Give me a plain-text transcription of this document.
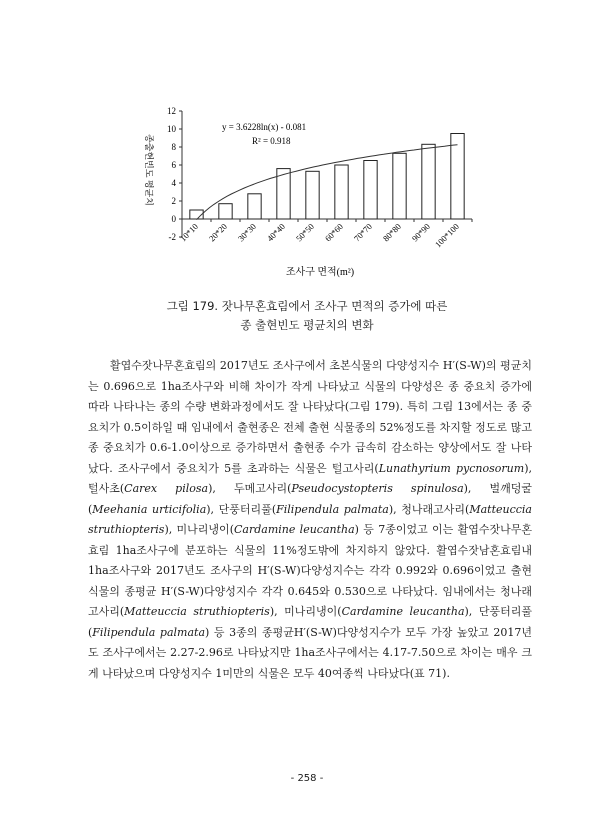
-2
0
2
4
6
8
10
12
10*10 20*20 30*30 40*40 50*50 60*60 70*70 80*80 90*90 100*100
y = 3.6228ln(x) - 0.081
R² = 0.918
종출현빈도 평균치
조사구 면적(m²)
그림 179. 잣나무혼효림에서 조사구 면적의 증가에 따른
종 출현빈도 평균치의 변화

활엽수잣나무혼효림의 2017년도 조사구에서 초본식물의 다양성지수 H′(S-W)의 평균치는 0.696으로 1ha조사구와 비해 차이가 작게 나타났고 식물의 다양성은 종 중요치 증가에 따라 나타나는 종의 수량 변화과정에서도 잘 나타났다(그림 179). 특히 그림 13에서는 종 중요치가 0.5이하일 때 임내에서 출현종은 전체 출현 식물종의 52%정도를 차지할 정도로 많고 종 중요치가 0.6-1.0이상으로 증가하면서 출현종 수가 급속히 감소하는 양상에서도 잘 나타났다. 조사구에서 중요치가 5를 초과하는 식물은 털고사리(Lunathyrium pycnosorum), 털사초(Carex pilosa), 두메고사리(Pseudocystopteris spinulosa), 벌깨덩굴(Meehania urticifolia), 단풍터리풀(Filipendula palmata), 청나래고사리(Matteuccia struthiopteris), 미나리냉이(Cardamine leucantha) 등 7종이었고 이는 활엽수잣나무혼효림 1ha조사구에 분포하는 식물의 11%정도밖에 차지하지 않았다. 활엽수잣남혼효림내 1ha조사구와 2017년도 조사구의 H′(S-W)다양성지수는 각각 0.992와 0.696이었고 출현식물의 종평균 H′(S-W)다양성지수 각각 0.645와 0.530으로 나타났다. 임내에서는 청나래고사리(Matteuccia struthiopteris), 미나리냉이(Cardamine leucantha), 단풍터리풀(Filipendula palmata) 등 3종의 종평균H′(S-W)다양성지수가 모두 가장 높았고 2017년도 조사구에서는 2.27-2.96로 나타났지만 1ha조사구에서는 4.17-7.50으로 차이는 매우 크게 나타났으며 다양성지수 1미만의 식물은 모두 40여종씩 나타났다(표 71).

- 258 -
